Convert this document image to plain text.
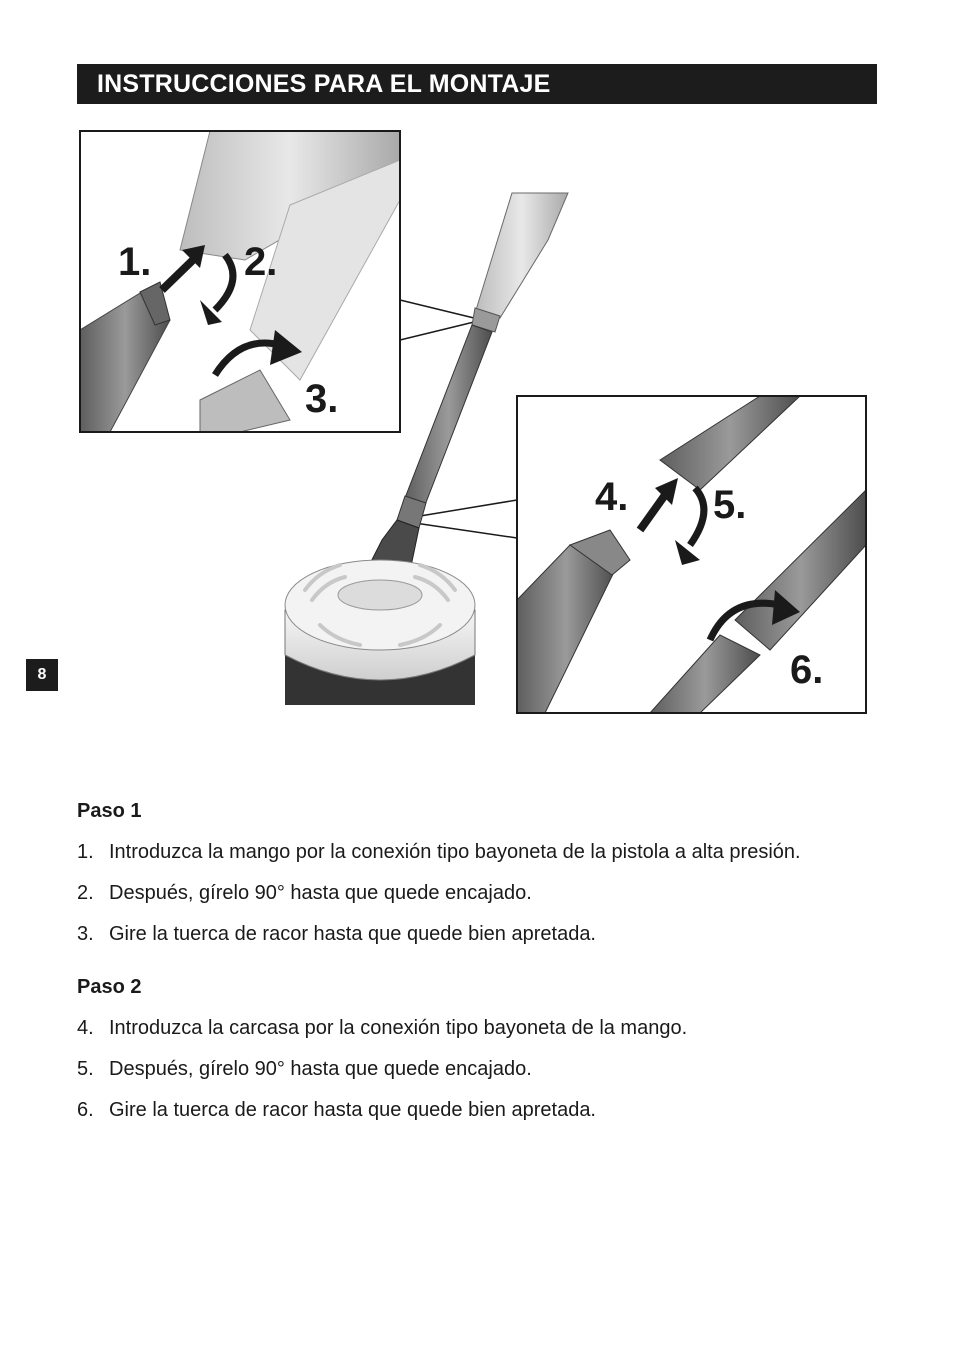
INSTRUCCIONES PARA EL MONTAJE
8
1. 2.
3.
4. 5.
6.
Paso 1
1. Introduzca la mango por la conexión tipo bayoneta de la pistola a alta presión.
2. Después, gírelo 90° hasta que quede encajado.
3. Gire la tuerca de racor hasta que quede bien apretada.
Paso 2
4. Introduzca la carcasa por la conexión tipo bayoneta de la mango.
5. Después, gírelo 90° hasta que quede encajado.
6. Gire la tuerca de racor hasta que quede bien apretada.
